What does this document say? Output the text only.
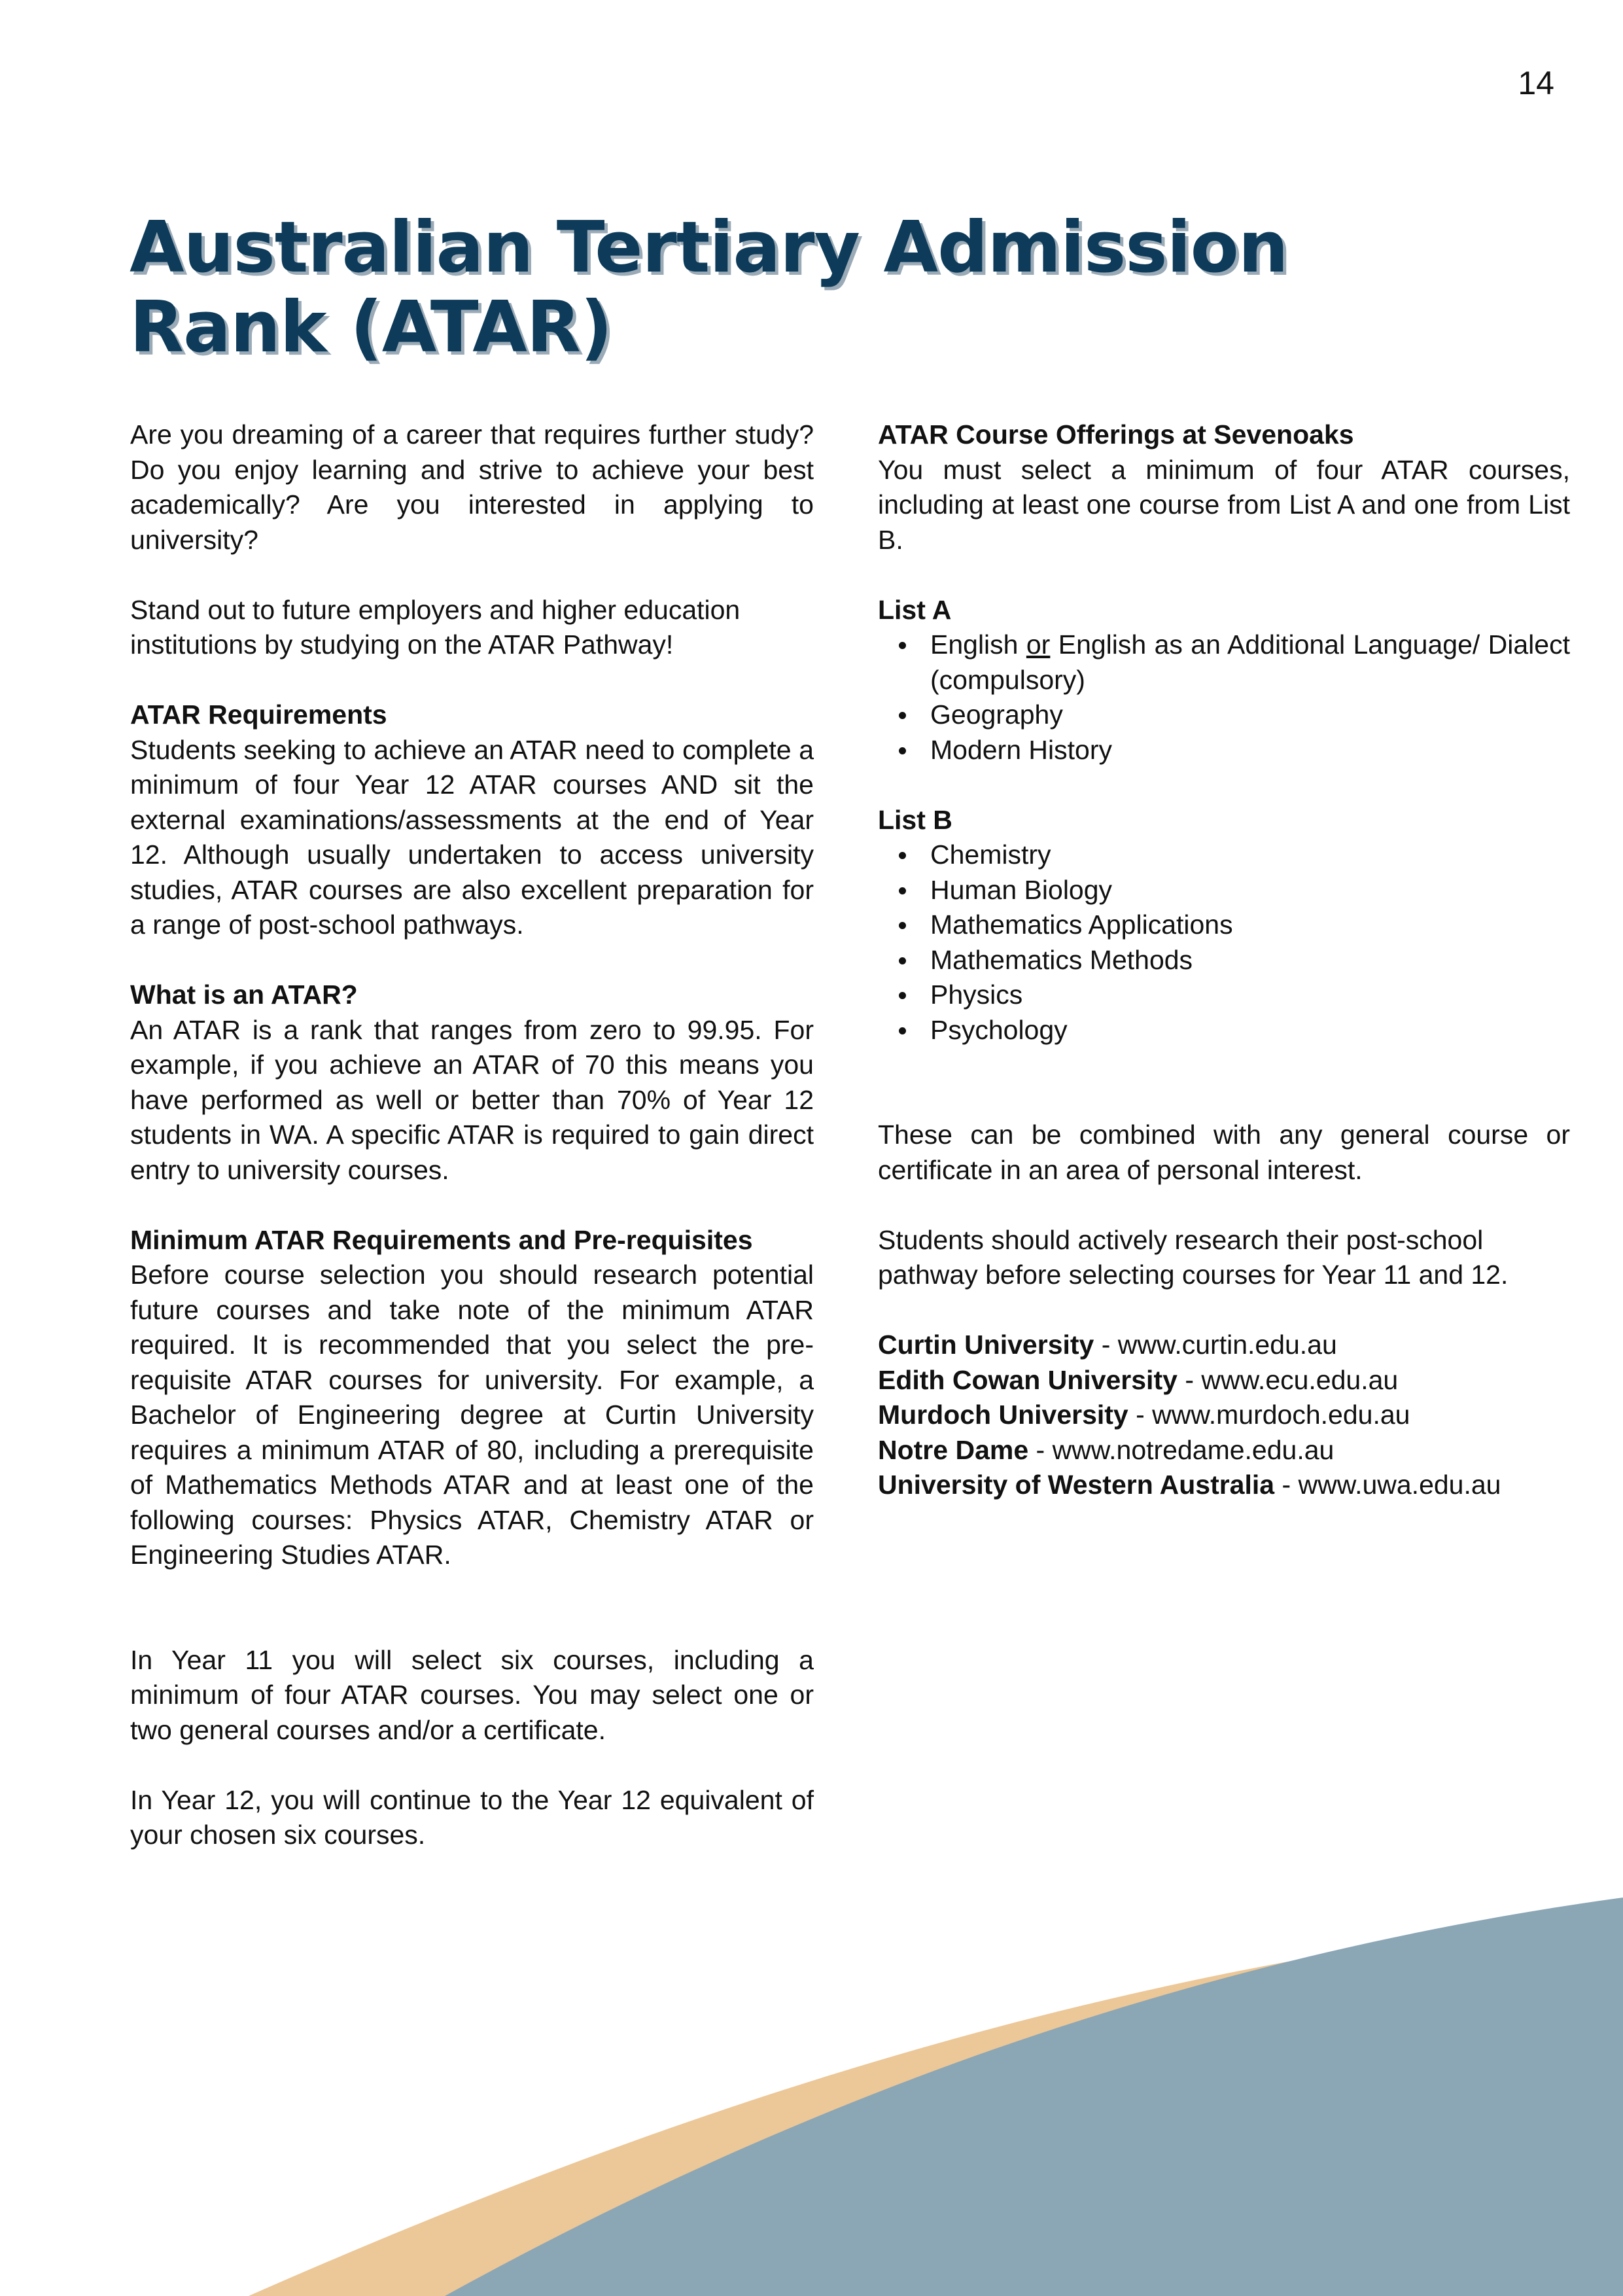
14
Australian Tertiary Admission Rank (ATAR)

Are you dreaming of a career that requires further study? Do you enjoy learning and strive to achieve your best academically? Are you interested in applying to university?

Stand out to future employers and higher education institutions by studying on the ATAR Pathway!

ATAR Requirements

Students seeking to achieve an ATAR need to complete a minimum of four Year 12 ATAR courses AND sit the external examinations/assessments at the end of Year 12. Although usually undertaken to access university studies, ATAR courses are also excellent preparation for a range of post-school pathways.

What is an ATAR?

An ATAR is a rank that ranges from zero to 99.95. For example, if you achieve an ATAR of 70 this means you have performed as well or better than 70% of Year 12 students in WA. A specific ATAR is required to gain direct entry to university courses.

Minimum ATAR Requirements and Pre-requisites

Before course selection you should research potential future courses and take note of the minimum ATAR required. It is recommended that you select the pre-requisite ATAR courses for university. For example, a Bachelor of Engineering degree at Curtin University requires a minimum ATAR of 80, including a prerequisite of Mathematics Methods ATAR and at least one of the following courses: Physics ATAR, Chemistry ATAR or Engineering Studies ATAR.

In Year 11 you will select six courses, including a minimum of four ATAR courses. You may select one or two general courses and/or a certificate.

In Year 12, you will continue to the Year 12 equivalent of your chosen six courses.

ATAR Course Offerings at Sevenoaks

You must select a minimum of four ATAR courses, including at least one course from List A and one from List B.

List A
English or English as an Additional Language/ Dialect (compulsory)
Geography
Modern History
List B
Chemistry
Human Biology
Mathematics Applications
Mathematics Methods
Physics
Psychology

These can be combined with any general course or certificate in an area of personal interest.

Students should actively research their post-school pathway before selecting courses for Year 11 and 12.

Curtin University - www.curtin.edu.au
Edith Cowan University - www.ecu.edu.au
Murdoch University - www.murdoch.edu.au
Notre Dame - www.notredame.edu.au
University of Western Australia - www.uwa.edu.au
